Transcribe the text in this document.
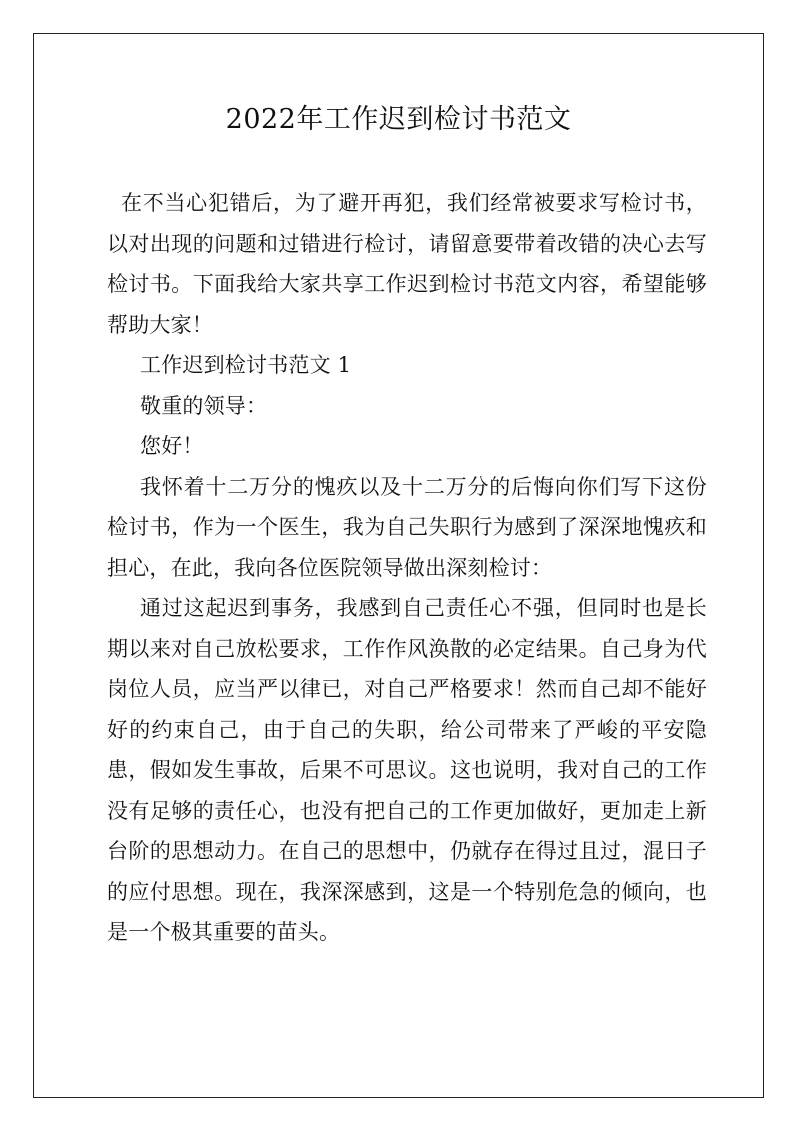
2022年工作迟到检讨书范文

在不当心犯错后，为了避开再犯，我们经常被要求写检讨书，以对出现的问题和过错进行检讨，请留意要带着改错的决心去写检讨书。下面我给大家共享工作迟到检讨书范文内容，希望能够帮助大家！

工作迟到检讨书范文 1

敬重的领导：

您好！

我怀着十二万分的愧疚以及十二万分的后悔向你们写下这份检讨书，作为一个医生，我为自己失职行为感到了深深地愧疚和担心，在此，我向各位医院领导做出深刻检讨：

通过这起迟到事务，我感到自己责任心不强，但同时也是长期以来对自己放松要求，工作作风涣散的必定结果。自己身为代岗位人员，应当严以律已，对自己严格要求！然而自己却不能好好的约束自己，由于自己的失职，给公司带来了严峻的平安隐患，假如发生事故，后果不可思议。这也说明，我对自己的工作没有足够的责任心，也没有把自己的工作更加做好，更加走上新台阶的思想动力。在自己的思想中，仍就存在得过且过，混日子的应付思想。现在，我深深感到，这是一个特别危急的倾向，也是一个极其重要的苗头。
